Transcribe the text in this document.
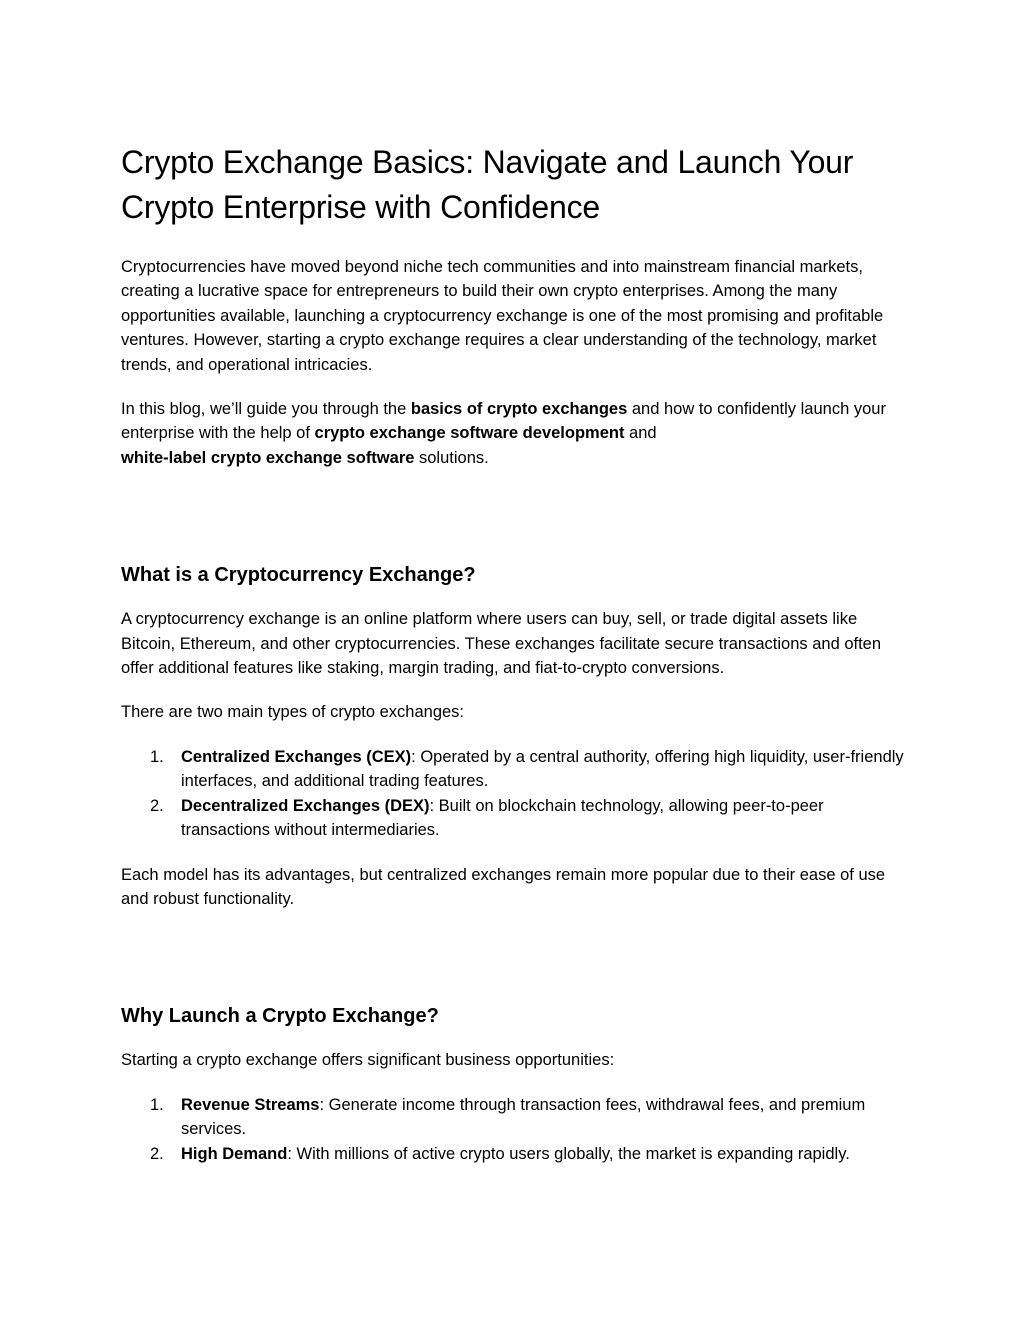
Crypto Exchange Basics: Navigate and Launch Your Crypto Enterprise with Confidence

Cryptocurrencies have moved beyond niche tech communities and into mainstream financial markets, creating a lucrative space for entrepreneurs to build their own crypto enterprises. Among the many opportunities available, launching a cryptocurrency exchange is one of the most promising and profitable ventures. However, starting a crypto exchange requires a clear understanding of the technology, market trends, and operational intricacies.

In this blog, we’ll guide you through the basics of crypto exchanges and how to confidently launch your enterprise with the help of crypto exchange software development and
white-label crypto exchange software solutions.

What is a Cryptocurrency Exchange?

A cryptocurrency exchange is an online platform where users can buy, sell, or trade digital assets like Bitcoin, Ethereum, and other cryptocurrencies. These exchanges facilitate secure transactions and often offer additional features like staking, margin trading, and fiat-to-crypto conversions.

There are two main types of crypto exchanges:

1. Centralized Exchanges (CEX): Operated by a central authority, offering high liquidity, user-friendly interfaces, and additional trading features.
2. Decentralized Exchanges (DEX): Built on blockchain technology, allowing peer-to-peer transactions without intermediaries.

Each model has its advantages, but centralized exchanges remain more popular due to their ease of use and robust functionality.

Why Launch a Crypto Exchange?

Starting a crypto exchange offers significant business opportunities:

1. Revenue Streams: Generate income through transaction fees, withdrawal fees, and premium services.
2. High Demand: With millions of active crypto users globally, the market is expanding rapidly.
